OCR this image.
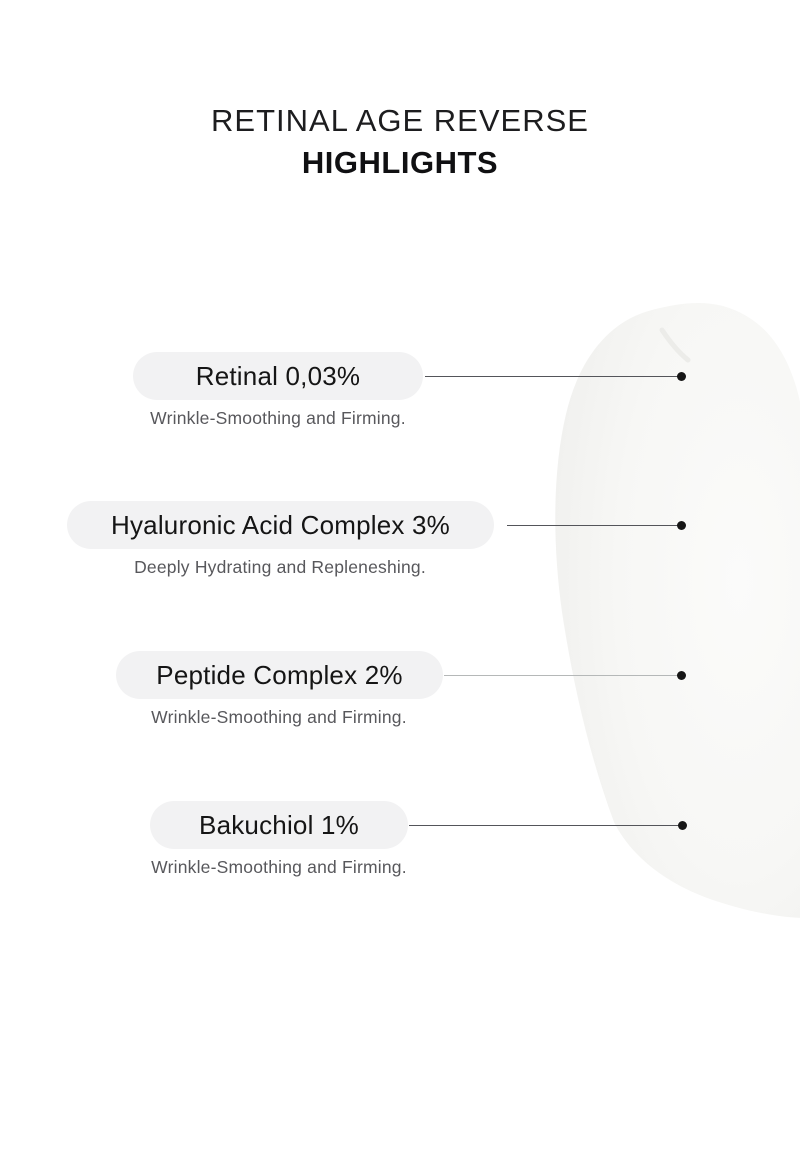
RETINAL AGE REVERSE
HIGHLIGHTS
Retinal 0,03%
Wrinkle-Smoothing and Firming.
Hyaluronic Acid Complex 3%
Deeply Hydrating and Repleneshing.
Peptide Complex 2%
Wrinkle-Smoothing and Firming.
Bakuchiol 1%
Wrinkle-Smoothing and Firming.
